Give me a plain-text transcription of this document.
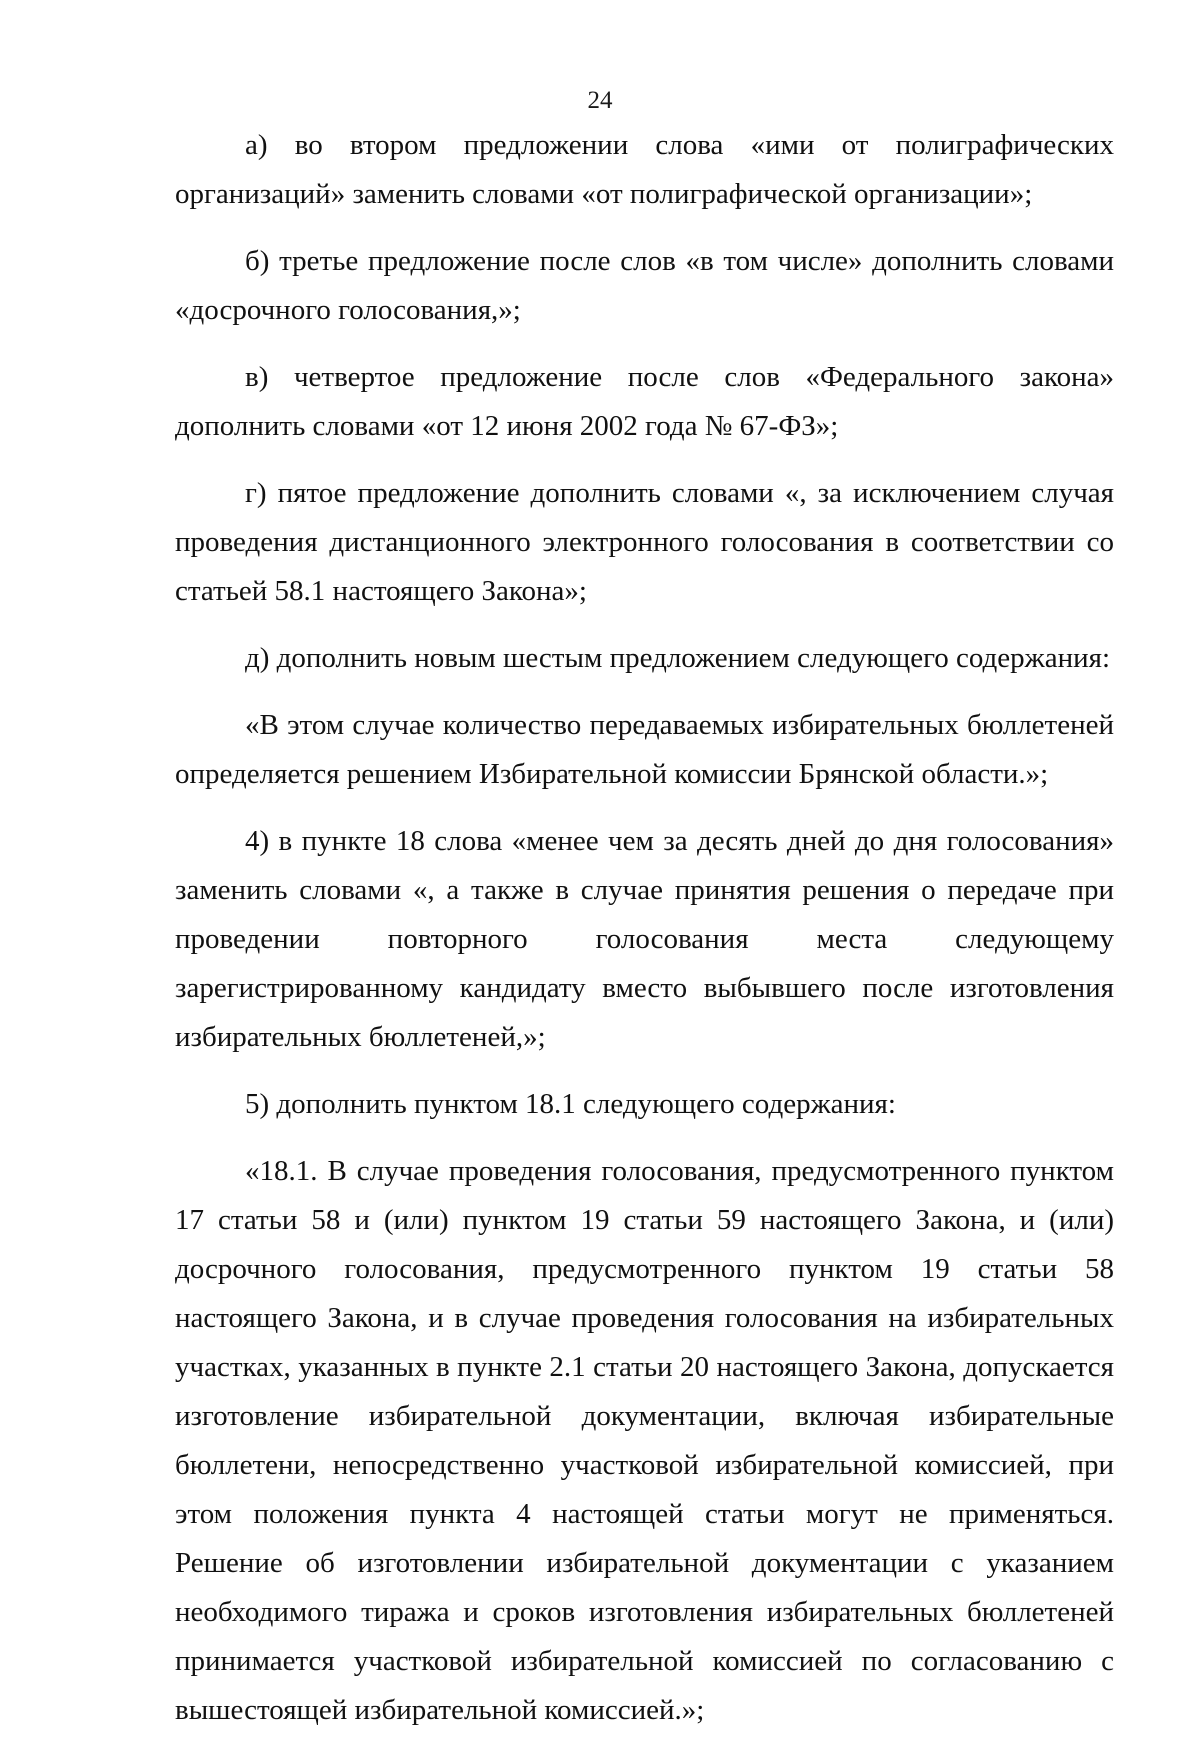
24

а) во втором предложении слова «ими от полиграфических организаций» заменить словами «от полиграфической организации»;

б) третье предложение после слов «в том числе» дополнить словами «досрочного голосования,»;

в) четвертое предложение после слов «Федерального закона» дополнить словами «от 12 июня 2002 года № 67-ФЗ»;

г) пятое предложение дополнить словами «, за исключением случая проведения дистанционного электронного голосования в соответствии со статьей 58.1 настоящего Закона»;

д) дополнить новым шестым предложением следующего содержания:

«В этом случае количество передаваемых избирательных бюллетеней определяется решением Избирательной комиссии Брянской области.»;

4) в пункте 18 слова «менее чем за десять дней до дня голосования» заменить словами «, а также в случае принятия решения о передаче при проведении повторного голосования места следующему зарегистрированному кандидату вместо выбывшего после изготовления избирательных бюллетеней,»;

5) дополнить пунктом 18.1 следующего содержания:

«18.1. В случае проведения голосования, предусмотренного пунктом 17 статьи 58 и (или) пунктом 19 статьи 59 настоящего Закона, и (или) досрочного голосования, предусмотренного пунктом 19 статьи 58 настоящего Закона, и в случае проведения голосования на избирательных участках, указанных в пункте 2.1 статьи 20 настоящего Закона, допускается изготовление избирательной документации, включая избирательные бюллетени, непосредственно участковой избирательной комиссией, при этом положения пункта 4 настоящей статьи могут не применяться. Решение об изготовлении избирательной документации с указанием необходимого тиража и сроков изготовления избирательных бюллетеней принимается участковой избирательной комиссией по согласованию с вышестоящей избирательной комиссией.»;
